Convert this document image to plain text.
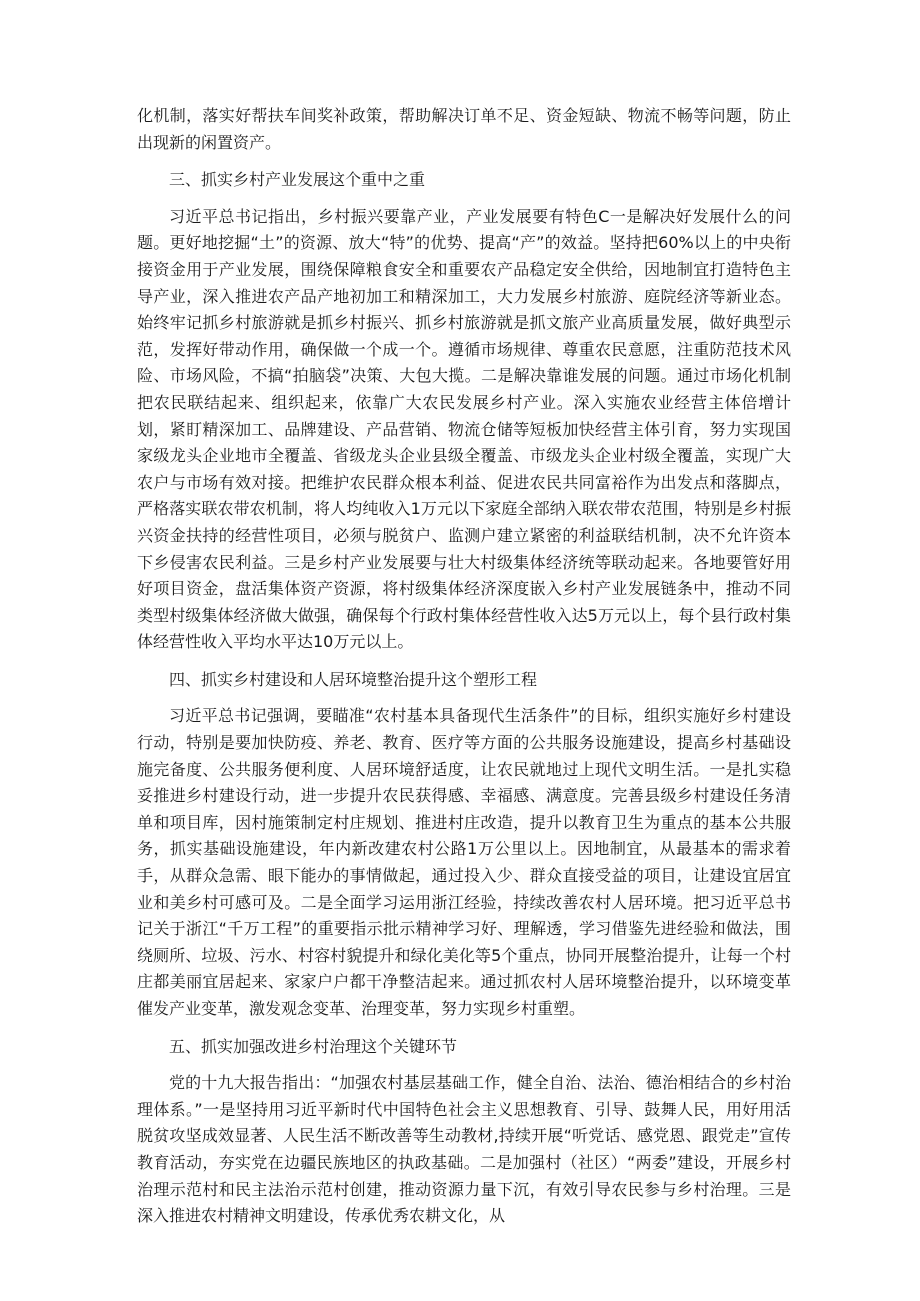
化机制，落实好帮扶车间奖补政策，帮助解决订单不足、资金短缺、物流不畅等问题，防止出现新的闲置资产。

三、抓实乡村产业发展这个重中之重

习近平总书记指出，乡村振兴要靠产业，产业发展要有特色C一是解决好发展什么的问题。更好地挖掘“土”的资源、放大“特”的优势、提高“产”的效益。坚持把60%以上的中央衔接资金用于产业发展，围绕保障粮食安全和重要农产品稳定安全供给，因地制宜打造特色主导产业，深入推进农产品产地初加工和精深加工，大力发展乡村旅游、庭院经济等新业态。始终牢记抓乡村旅游就是抓乡村振兴、抓乡村旅游就是抓文旅产业高质量发展，做好典型示范，发挥好带动作用，确保做一个成一个。遵循市场规律、尊重农民意愿，注重防范技术风险、市场风险，不搞“拍脑袋”决策、大包大揽。二是解决靠谁发展的问题。通过市场化机制把农民联结起来、组织起来，依靠广大农民发展乡村产业。深入实施农业经营主体倍增计划，紧盯精深加工、品牌建设、产品营销、物流仓储等短板加快经营主体引育，努力实现国家级龙头企业地市全覆盖、省级龙头企业县级全覆盖、市级龙头企业村级全覆盖，实现广大农户与市场有效对接。把维护农民群众根本利益、促进农民共同富裕作为出发点和落脚点，严格落实联农带农机制，将人均纯收入1万元以下家庭全部纳入联农带农范围，特别是乡村振兴资金扶持的经营性项目，必须与脱贫户、监测户建立紧密的利益联结机制，决不允许资本下乡侵害农民利益。三是乡村产业发展要与壮大村级集体经济统等联动起来。各地要管好用好项目资金，盘活集体资产资源，将村级集体经济深度嵌入乡村产业发展链条中，推动不同类型村级集体经济做大做强，确保每个行政村集体经营性收入达5万元以上，每个县行政村集体经营性收入平均水平达10万元以上。

四、抓实乡村建设和人居环境整治提升这个塑形工程

习近平总书记强调，要瞄准“农村基本具备现代生活条件”的目标，组织实施好乡村建设行动，特别是要加快防疫、养老、教育、医疗等方面的公共服务设施建设，提高乡村基础设施完备度、公共服务便利度、人居环境舒适度，让农民就地过上现代文明生活。一是扎实稳妥推进乡村建设行动，进一步提升农民获得感、幸福感、满意度。完善县级乡村建设任务清单和项目库，因村施策制定村庄规划、推进村庄改造，提升以教育卫生为重点的基本公共服务，抓实基础设施建设，年内新改建农村公路1万公里以上。因地制宜，从最基本的需求着手，从群众急需、眼下能办的事情做起，通过投入少、群众直接受益的项目，让建设宜居宜业和美乡村可感可及。二是全面学习运用浙江经验，持续改善农村人居环境。把习近平总书记关于浙江“千万工程”的重要指示批示精神学习好、理解透，学习借鉴先进经验和做法，围绕厕所、垃圾、污水、村容村貌提升和绿化美化等5个重点，协同开展整治提升，让每一个村庄都美丽宜居起来、家家户户都干净整洁起来。通过抓农村人居环境整治提升，以环境变革催发产业变革，激发观念变革、治理变革，努力实现乡村重塑。

五、抓实加强改进乡村治理这个关键环节

党的十九大报告指出：“加强农村基层基础工作，健全自治、法治、德治相结合的乡村治理体系。”一是坚持用习近平新时代中国特色社会主义思想教育、引导、鼓舞人民，用好用活脱贫攻坚成效显著、人民生活不断改善等生动教材,持续开展“听党话、感党恩、跟党走”宣传教育活动，夯实党在边疆民族地区的执政基础。二是加强村（社区）“两委”建设，开展乡村治理示范村和民主法治示范村创建，推动资源力量下沉，有效引导农民参与乡村治理。三是深入推进农村精神文明建设，传承优秀农耕文化，从
